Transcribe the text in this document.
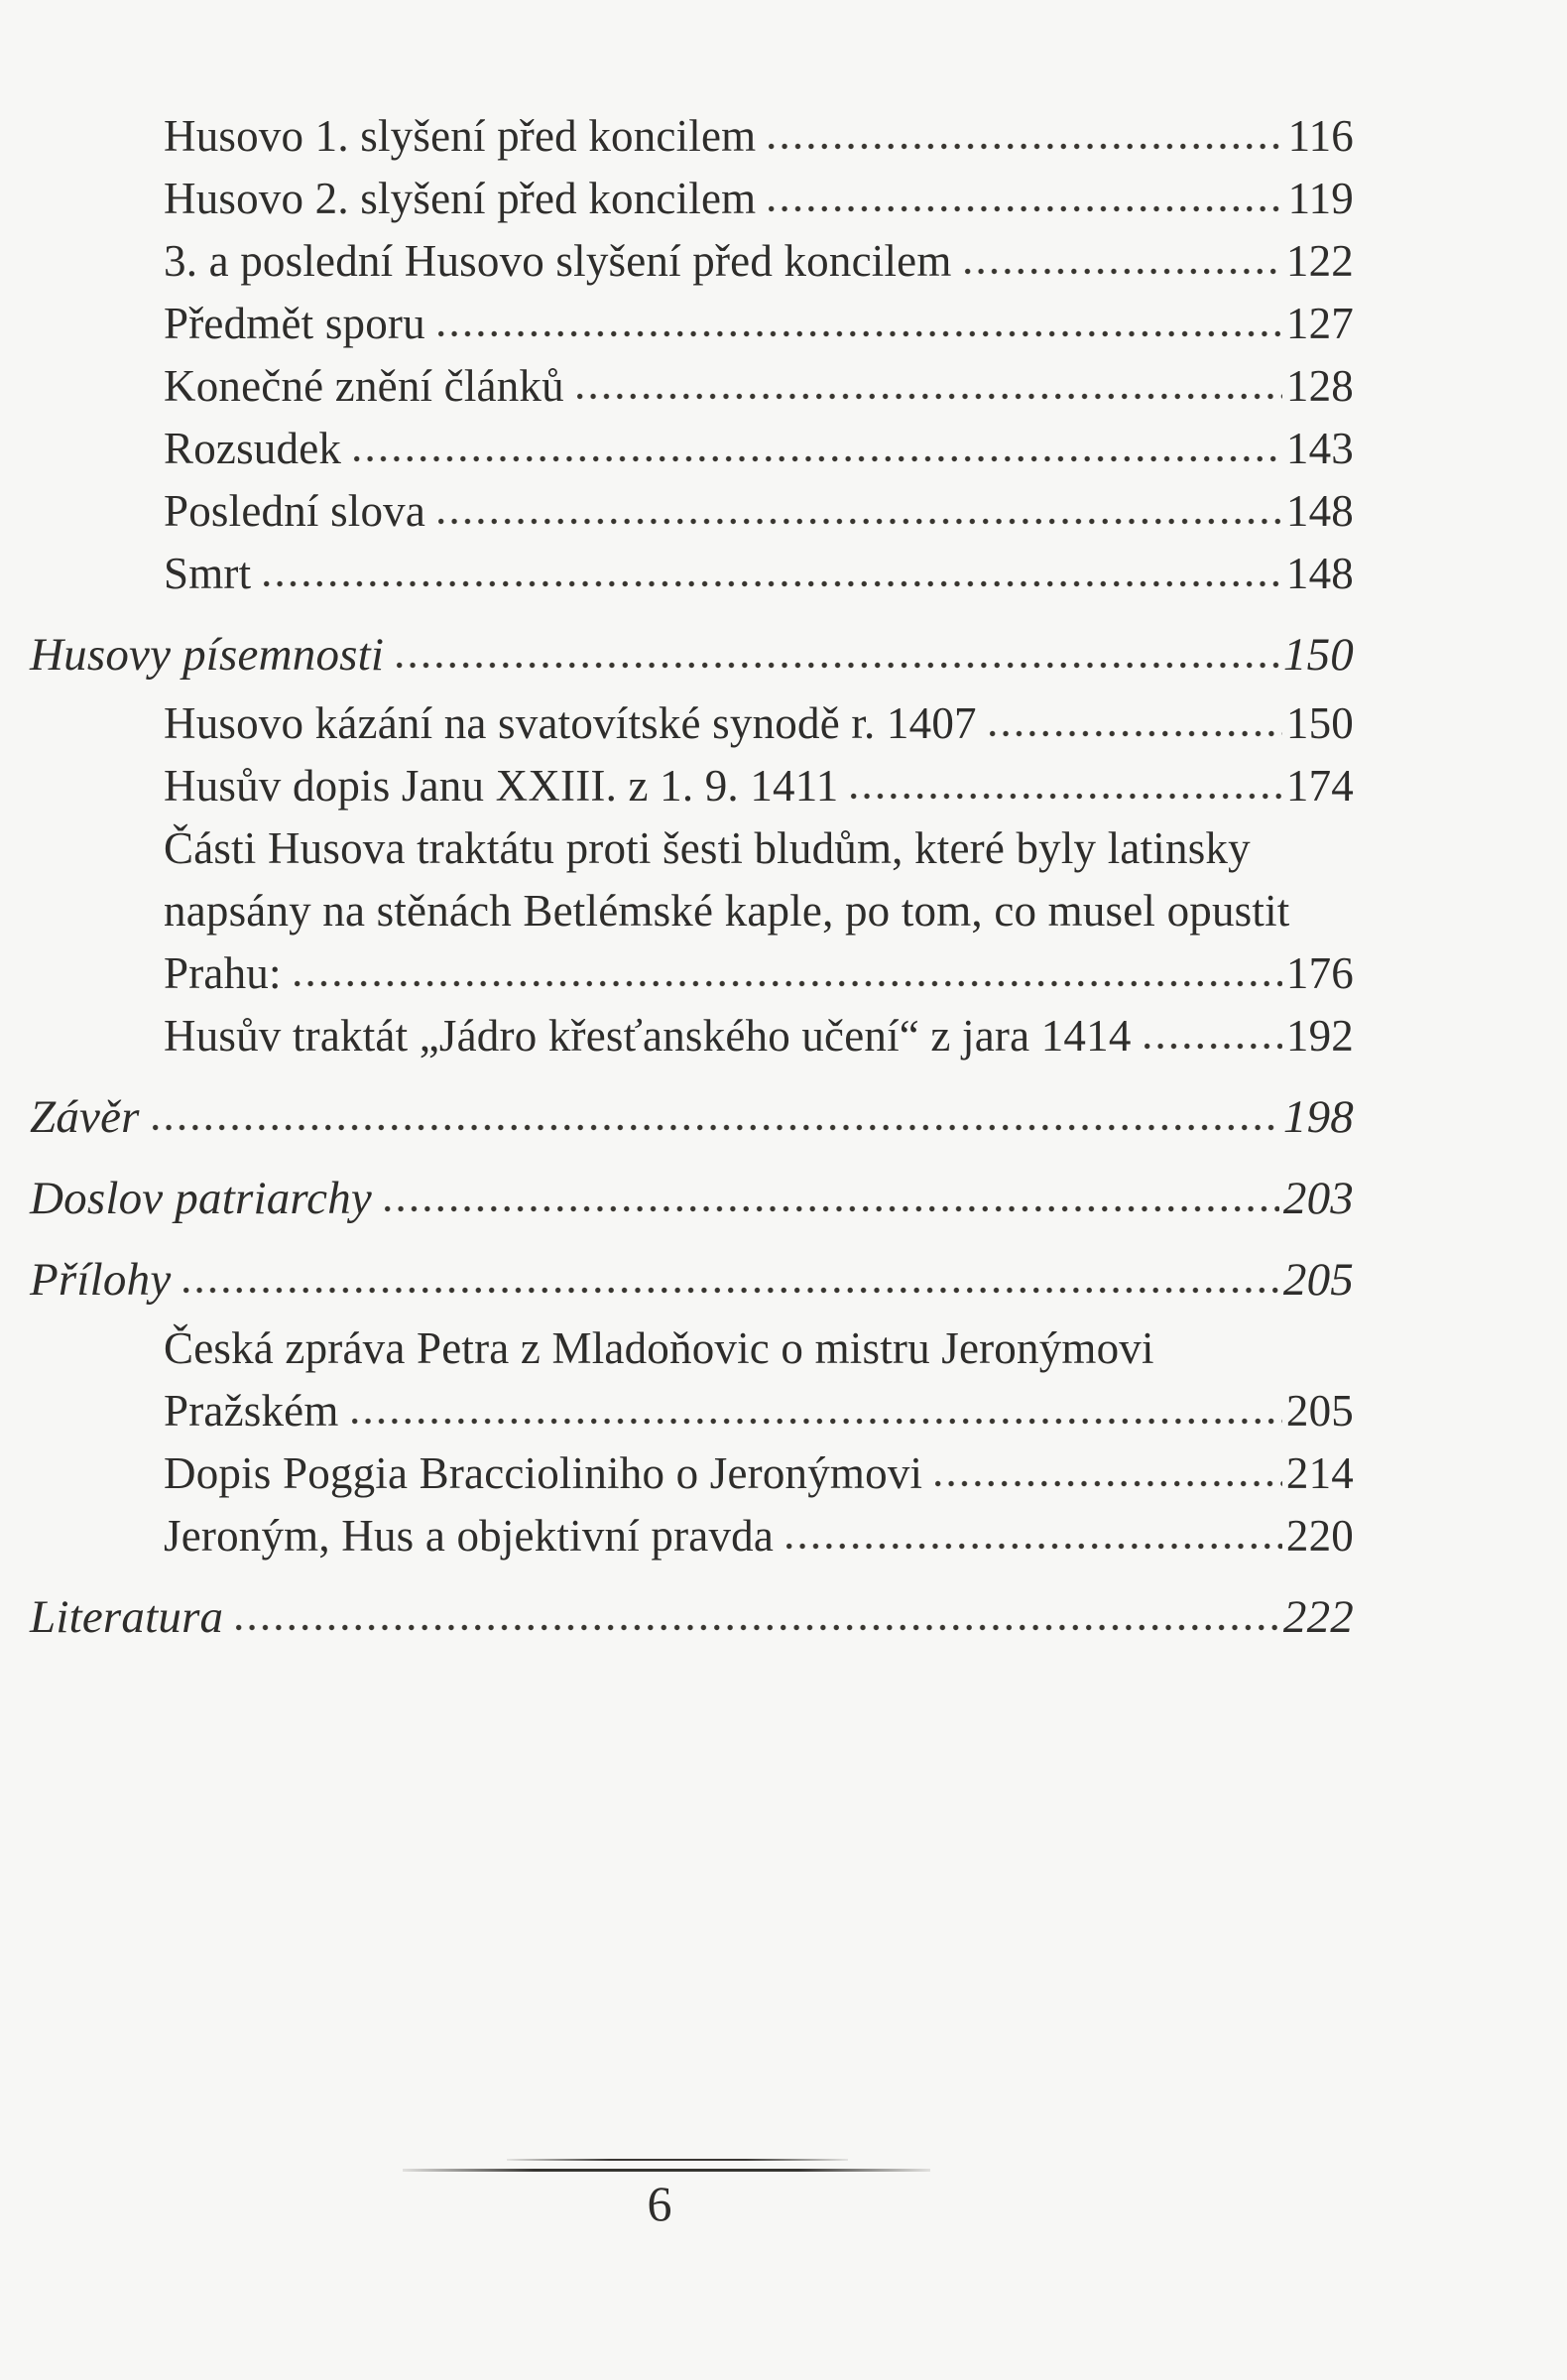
Husovo 1. slyšení před koncilem	116
Husovo 2. slyšení před koncilem	119
3. a poslední Husovo slyšení před koncilem	122
Předmět sporu	127
Konečné znění článků	128
Rozsudek	143
Poslední slova	148
Smrt	148
Husovy písemnosti	150
Husovo kázání na svatovítské synodě r. 1407	150
Husův dopis Janu XXIII. z 1. 9. 1411	174
Části Husova traktátu proti šesti bludům, které byly latinsky
napsány na stěnách Betlémské kaple, po tom, co musel opustit
Prahu:	176
Husův traktát „Jádro křesťanského učení“ z jara 1414	192
Závěr	198
Doslov patriarchy	203
Přílohy	205
Česká zpráva Petra z Mladoňovic o mistru Jeronýmovi
Pražském	205
Dopis Poggia Braccioliniho o Jeronýmovi	214
Jeroným, Hus a objektivní pravda	220
Literatura	222
6
